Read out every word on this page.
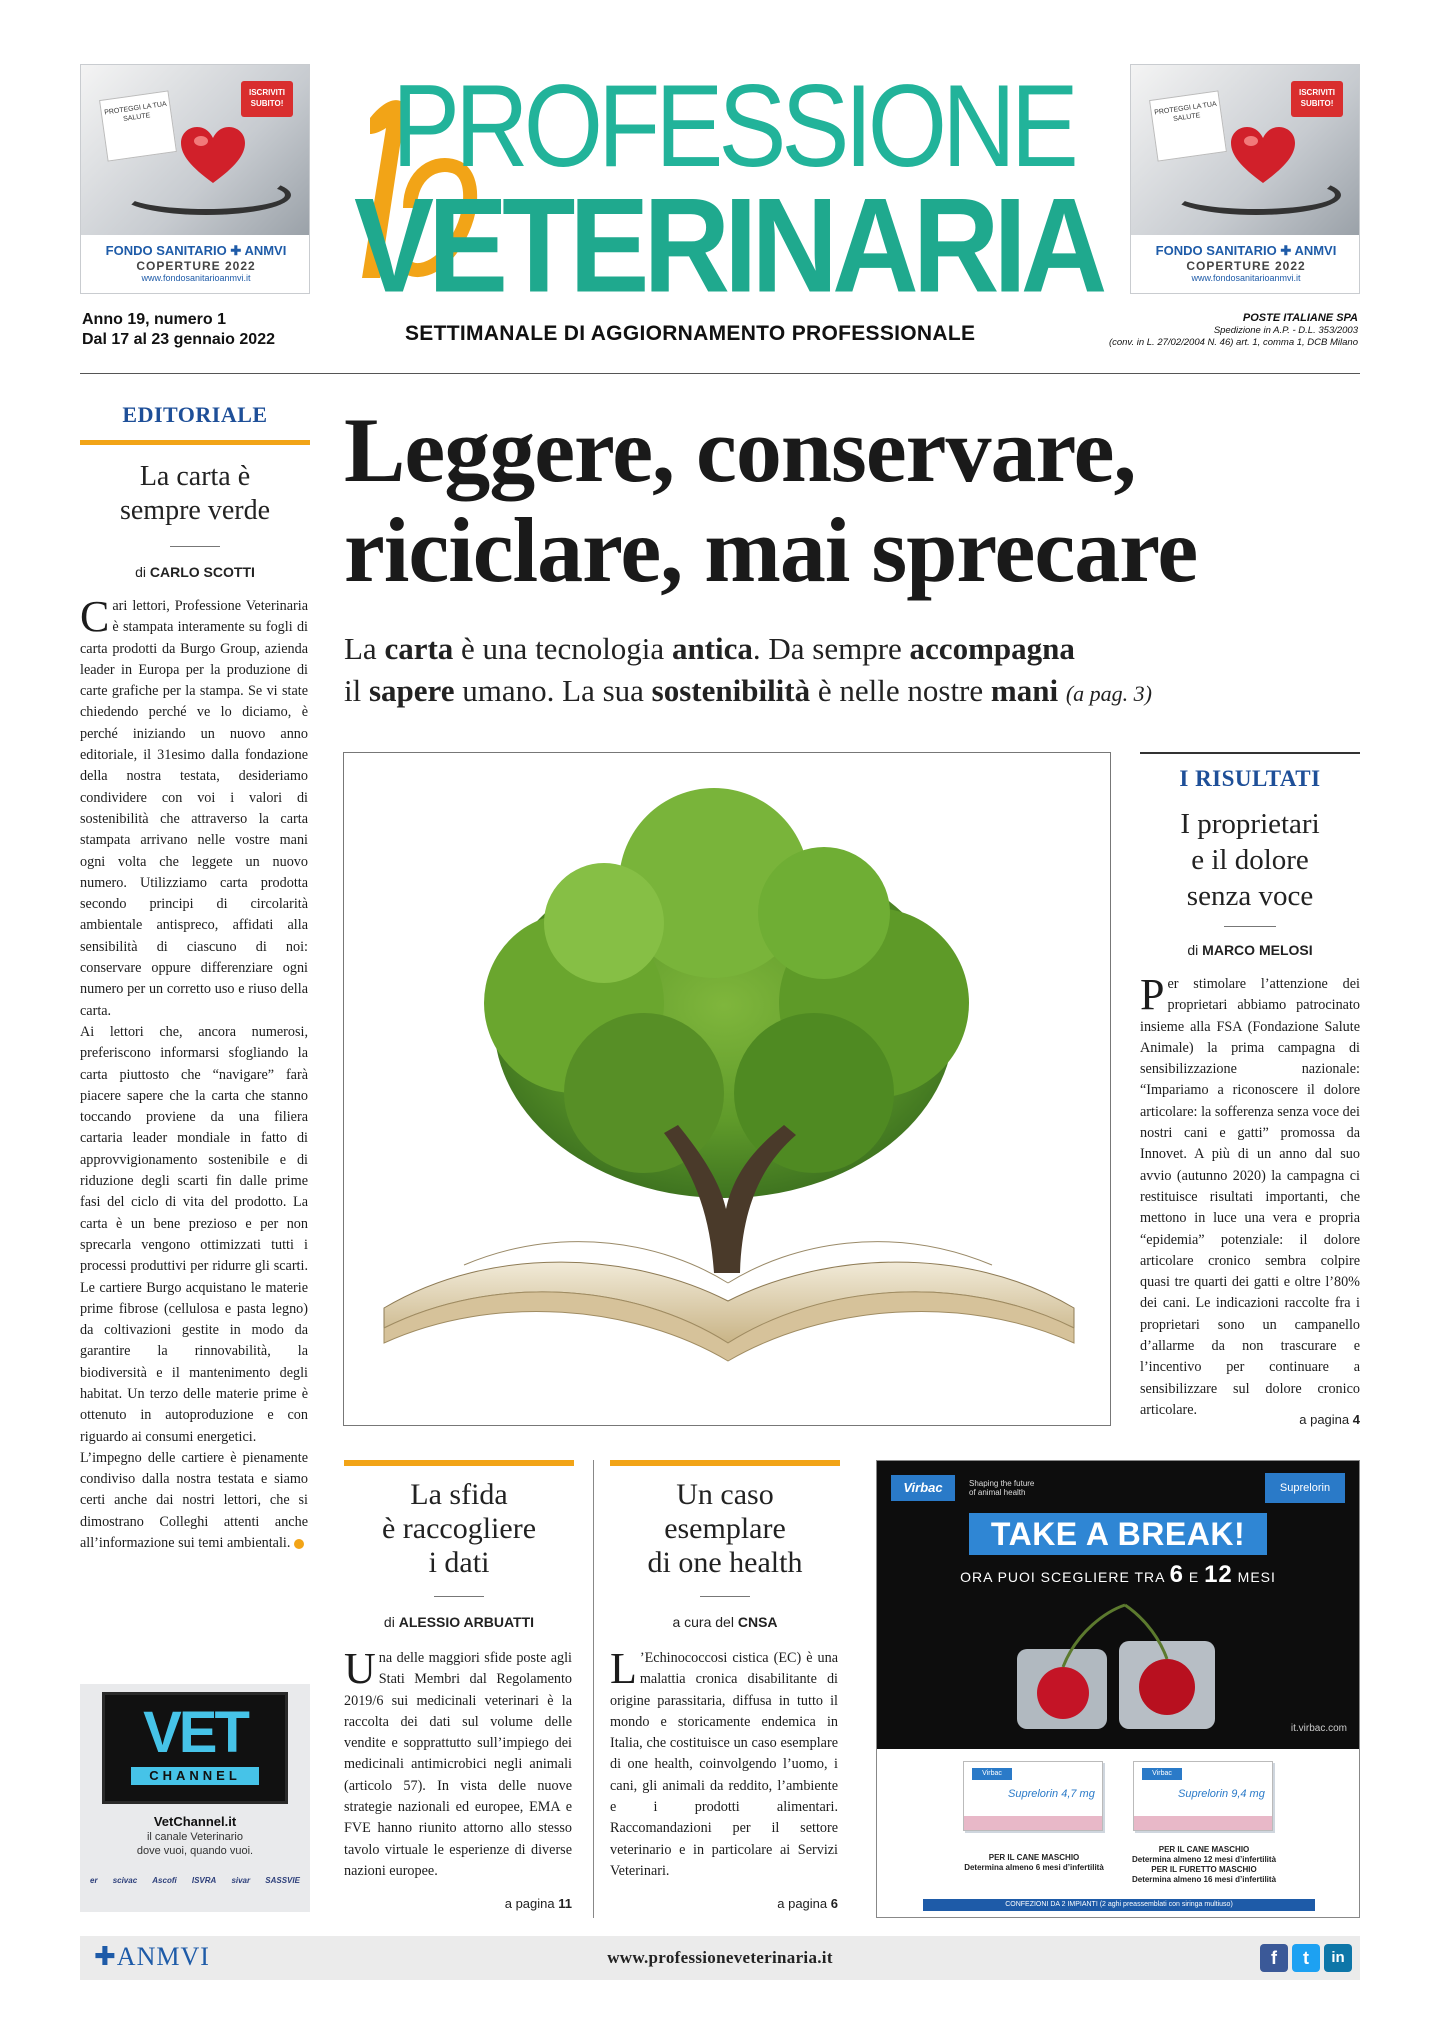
PROTEGGI LA TUA SALUTE
ISCRIVITI SUBITO!
FONDO SANITARIO ✚ ANMVI
COPERTURE 2022
www.fondosanitarioanmvi.it
PROTEGGI LA TUA SALUTE
ISCRIVITI SUBITO!
FONDO SANITARIO ✚ ANMVI
COPERTURE 2022
www.fondosanitarioanmvi.it
PROFESSIONE
VETERINARIA
Anno 19, numero 1
Dal 17 al 23 gennaio 2022	SETTIMANALE DI AGGIORNAMENTO PROFESSIONALE
POSTE ITALIANE SPA
Spedizione in A.P. - D.L. 353/2003
(conv. in L. 27/02/2004 N. 46) art. 1, comma 1, DCB Milano
EDITORIALE
La carta è
sempre verde
di CARLO SCOTTI

Cari lettori, Professione Veterinaria è stampata interamente su fogli di carta prodotti da Burgo Group, azienda leader in Europa per la produzione di carte grafiche per la stampa. Se vi state chiedendo perché ve lo diciamo, è perché iniziando un nuovo anno editoriale, il 31esimo dalla fondazione della nostra testata, desideriamo condividere con voi i valori di sostenibilità che attraverso la carta stampata arrivano nelle vostre mani ogni volta che leggete un nuovo numero. Utilizziamo carta prodotta secondo principi di circolarità ambientale antispreco, affidati alla sensibilità di ciascuno di noi: conservare oppure differenziare ogni numero per un corretto uso e riuso della carta.

Ai lettori che, ancora numerosi, preferiscono informarsi sfogliando la carta piuttosto che “navigare” farà piacere sapere che la carta che stanno toccando proviene da una filiera cartaria leader mondiale in fatto di approvvigionamento sostenibile e di riduzione degli scarti fin dalle prime fasi del ciclo di vita del prodotto. La carta è un bene prezioso e per non sprecarla vengono ottimizzati tutti i processi produttivi per ridurre gli scarti. Le cartiere Burgo acquistano le materie prime fibrose (cellulosa e pasta legno) da coltivazioni gestite in modo da garantire la rinnovabilità, la biodiversità e il mantenimento degli habitat. Un terzo delle materie prime è ottenuto in autoproduzione e con riguardo ai consumi energetici.

L’impegno delle cartiere è pienamente condiviso dalla nostra testata e siamo certi anche dai nostri lettori, che si dimostrano Colleghi attenti anche all’informazione sui temi ambientali.

VET
CHANNEL
VetChannel.it
il canale Veterinario
dove vuoi, quando vuoi.
er scivac Ascofi ISVRA sivar SASSVIE
Leggere, conservare,
riciclare, mai sprecare
La carta è una tecnologia antica. Da sempre accompagna
il sapere umano. La sua sostenibilità è nelle nostre mani (a pag. 3)
I RISULTATI
I proprietari
e il dolore
senza voce
di MARCO MELOSI

Per stimolare l’attenzione dei proprietari abbiamo patrocinato insieme alla FSA (Fondazione Salute Animale) la prima campagna di sensibilizzazione nazionale: “Impariamo a riconoscere il dolore articolare: la sofferenza senza voce dei nostri cani e gatti” promossa da Innovet. A più di un anno dal suo avvio (autunno 2020) la campagna ci restituisce risultati importanti, che mettono in luce una vera e propria “epidemia” potenziale: il dolore articolare cronico sembra colpire quasi tre quarti dei gatti e oltre l’80% dei cani. Le indicazioni raccolte fra i proprietari sono un campanello d’allarme da non trascurare e l’incentivo per continuare a sensibilizzare sul dolore cronico articolare.

a pagina 4
La sfida
è raccogliere
i dati
di ALESSIO ARBUATTI

Una delle maggiori sfide poste agli Stati Membri dal Regolamento 2019/6 sui medicinali veterinari è la raccolta dei dati sul volume delle vendite e sopprattutto sull’impiego dei medicinali antimicrobici negli animali (articolo 57). In vista delle nuove strategie nazionali ed europee, EMA e FVE hanno riunito attorno allo stesso tavolo virtuale le esperienze di diverse nazioni europee.

a pagina 11
Un caso
esemplare
di one health
a cura del CNSA

L ’Echinococcosi cistica (EC) è una malattia cronica disabilitante di origine parassitaria, diffusa in tutto il mondo e storicamente endemica in Italia, che costituisce un caso esemplare di one health, coinvolgendo l’uomo, i cani, gli animali da reddito, l’ambiente e i prodotti alimentari. Raccomandazioni per il settore veterinario e in particolare ai Servizi Veterinari.

a pagina 6
Virbac	Shaping the future
of animal health	Suprelorin
TAKE A BREAK!
ORA PUOI SCEGLIERE TRA 6 E 12 MESI
it.virbac.com
Virbac
Suprelorin 4,7 mg
Virbac
Suprelorin 9,4 mg
PER IL CANE MASCHIO
Determina almeno 6 mesi d’infertilità
PER IL CANE MASCHIO
Determina almeno 12 mesi d’infertilità
PER IL FURETTO MASCHIO
Determina almeno 16 mesi d’infertilità
CONFEZIONI DA 2 IMPIANTI (2 aghi preassemblati con siringa multiuso)
✚ANMVI	www.professioneveterinaria.it	f	t	in
